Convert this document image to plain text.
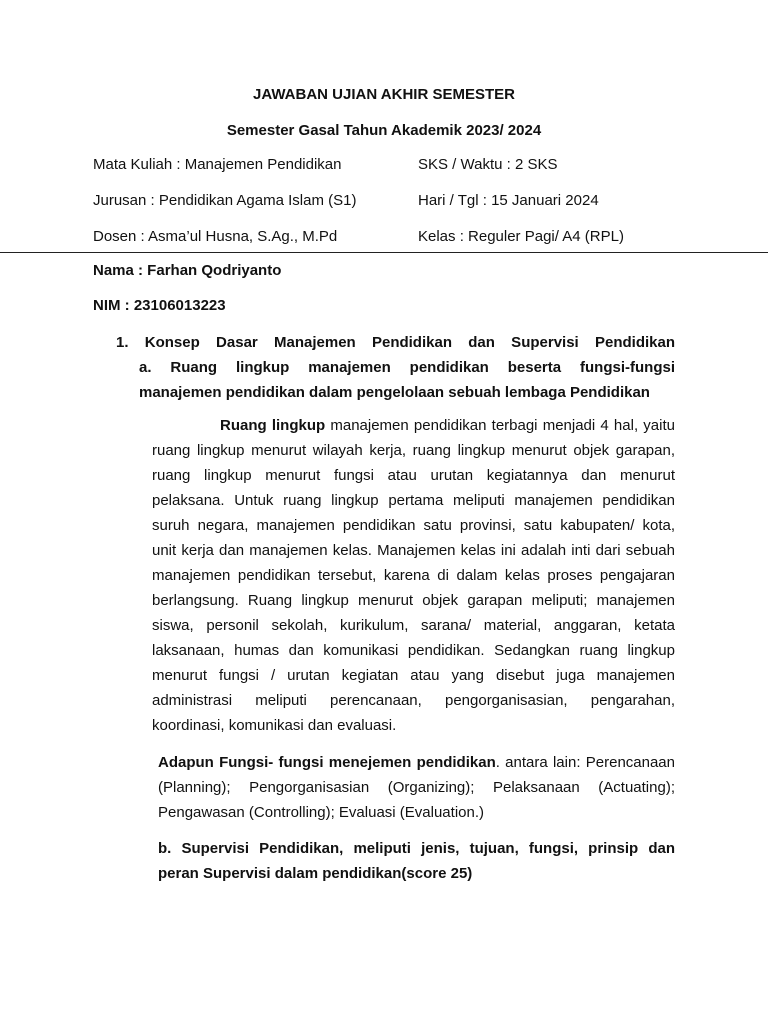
JAWABAN UJIAN AKHIR SEMESTER
Semester Gasal Tahun Akademik 2023/ 2024
Mata Kuliah : Manajemen Pendidikan
Jurusan : Pendidikan Agama Islam (S1)
Dosen : Asma’ul Husna, S.Ag., M.Pd
SKS / Waktu : 2 SKS
Hari / Tgl : 15 Januari 2024
Kelas : Reguler Pagi/ A4 (RPL)
Nama : Farhan Qodriyanto
NIM : 23106013223
1. Konsep Dasar Manajemen Pendidikan dan Supervisi Pendidikan
a. Ruang lingkup manajemen pendidikan beserta fungsi-fungsi
manajemen pendidikan dalam pengelolaan sebuah lembaga Pendidikan
Ruang lingkup manajemen pendidikan terbagi menjadi 4 hal, yaitu
ruang lingkup menurut wilayah kerja, ruang lingkup menurut objek garapan,
ruang lingkup menurut fungsi atau urutan kegiatannya dan menurut
pelaksana. Untuk ruang lingkup pertama meliputi manajemen pendidikan
suruh negara, manajemen pendidikan satu provinsi, satu kabupaten/ kota,
unit kerja dan manajemen kelas. Manajemen kelas ini adalah inti dari sebuah
manajemen pendidikan tersebut, karena di dalam kelas proses pengajaran
berlangsung. Ruang lingkup menurut objek garapan meliputi; manajemen
siswa, personil sekolah, kurikulum, sarana/ material, anggaran, ketata
laksanaan, humas dan komunikasi pendidikan. Sedangkan ruang lingkup
menurut fungsi / urutan kegiatan atau yang disebut juga manajemen
administrasi meliputi perencanaan, pengorganisasian, pengarahan,
koordinasi, komunikasi dan evaluasi.
Adapun Fungsi- fungsi menejemen pendidikan. antara lain: Perencanaan
(Planning); Pengorganisasian (Organizing); Pelaksanaan (Actuating);
Pengawasan (Controlling); Evaluasi (Evaluation.)
b. Supervisi Pendidikan, meliputi jenis, tujuan, fungsi, prinsip dan
peran Supervisi dalam pendidikan(score 25)
